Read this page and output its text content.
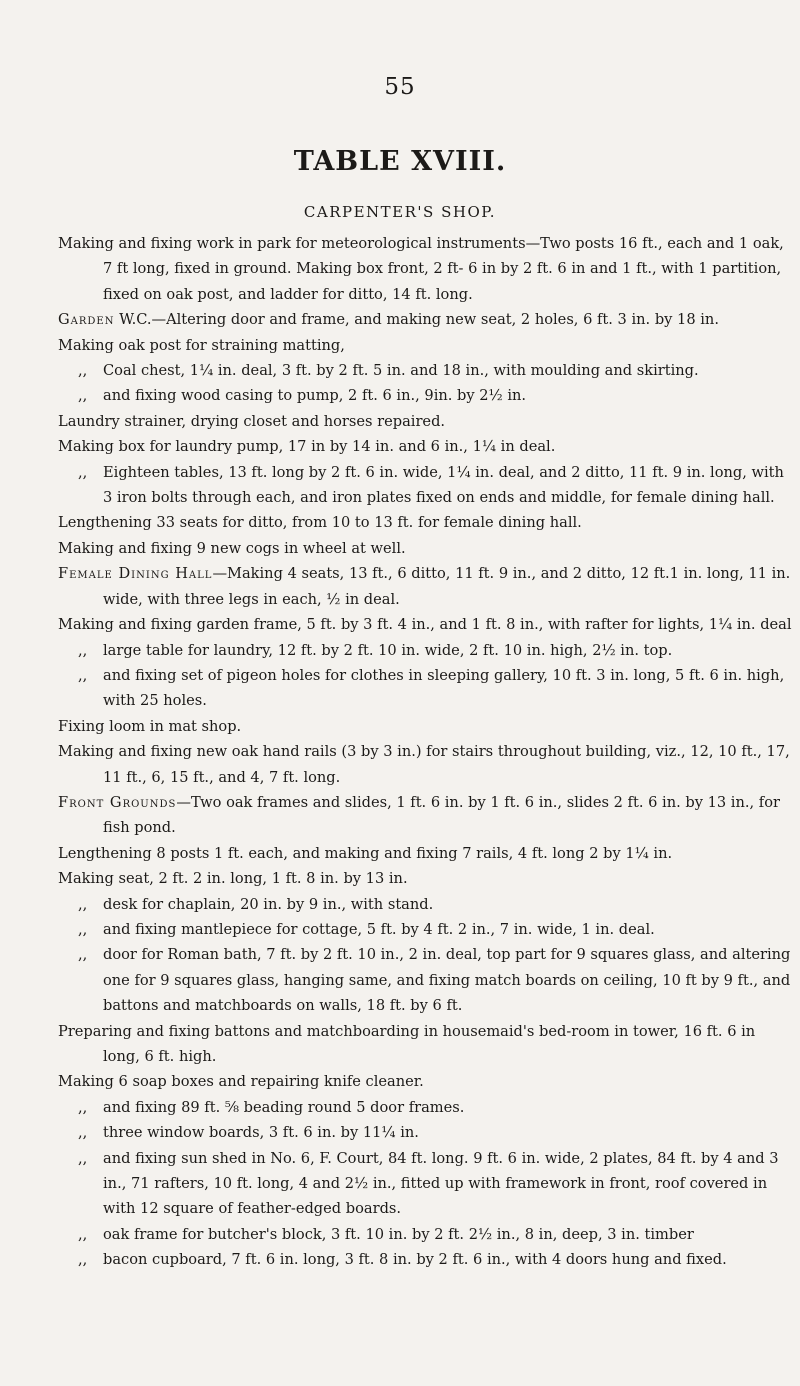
55
TABLE XVIII.
CARPENTER'S SHOP.
Making and fixing work in park for meteorological instruments—Two posts 16 ft., each and 1 oak, 7 ft long, fixed in ground. Making box front, 2 ft- 6 in by 2 ft. 6 in and 1 ft., with 1 partition, fixed on oak post, and ladder for ditto, 14 ft. long.
Garden W.C.—Altering door and frame, and making new seat, 2 holes, 6 ft. 3 in. by 18 in.
Making oak post for straining matting,
,, Coal chest, 1¼ in. deal, 3 ft. by 2 ft. 5 in. and 18 in., with moulding and skirting.
,, and fixing wood casing to pump, 2 ft. 6 in., 9in. by 2½ in.
Laundry strainer, drying closet and horses repaired.
Making box for laundry pump, 17 in by 14 in. and 6 in., 1¼ in deal.
,, Eighteen tables, 13 ft. long by 2 ft. 6 in. wide, 1¼ in. deal, and 2 ditto, 11 ft. 9 in. long, with 3 iron bolts through each, and iron plates fixed on ends and middle, for female dining hall.
Lengthening 33 seats for ditto, from 10 to 13 ft. for female dining hall.
Making and fixing 9 new cogs in wheel at well.
Female Dining Hall—Making 4 seats, 13 ft., 6 ditto, 11 ft. 9 in., and 2 ditto, 12 ft.1 in. long, 11 in. wide, with three legs in each, ½ in deal.
Making and fixing garden frame, 5 ft. by 3 ft. 4 in., and 1 ft. 8 in., with rafter for lights, 1¼ in. deal
,, large table for laundry, 12 ft. by 2 ft. 10 in. wide, 2 ft. 10 in. high, 2½ in. top.
,, and fixing set of pigeon holes for clothes in sleeping gallery, 10 ft. 3 in. long, 5 ft. 6 in. high, with 25 holes.
Fixing loom in mat shop.
Making and fixing new oak hand rails (3 by 3 in.) for stairs throughout building, viz., 12, 10 ft., 17, 11 ft., 6, 15 ft., and 4, 7 ft. long.
Front Grounds—Two oak frames and slides, 1 ft. 6 in. by 1 ft. 6 in., slides 2 ft. 6 in. by 13 in., for fish pond.
Lengthening 8 posts 1 ft. each, and making and fixing 7 rails, 4 ft. long 2 by 1¼ in.
Making seat, 2 ft. 2 in. long, 1 ft. 8 in. by 13 in.
,, desk for chaplain, 20 in. by 9 in., with stand.
,, and fixing mantlepiece for cottage, 5 ft. by 4 ft. 2 in., 7 in. wide, 1 in. deal.
,, door for Roman bath, 7 ft. by 2 ft. 10 in., 2 in. deal, top part for 9 squares glass, and altering one for 9 squares glass, hanging same, and fixing match boards on ceiling, 10 ft by 9 ft., and battons and matchboards on walls, 18 ft. by 6 ft.
Preparing and fixing battons and matchboarding in housemaid's bed-room in tower, 16 ft. 6 in long, 6 ft. high.
Making 6 soap boxes and repairing knife cleaner.
,, and fixing 89 ft. ⅝ beading round 5 door frames.
,, three window boards, 3 ft. 6 in. by 11¼ in.
,, and fixing sun shed in No. 6, F. Court, 84 ft. long. 9 ft. 6 in. wide, 2 plates, 84 ft. by 4 and 3 in., 71 rafters, 10 ft. long, 4 and 2½ in., fitted up with framework in front, roof covered in with 12 square of feather-edged boards.
,, oak frame for butcher's block, 3 ft. 10 in. by 2 ft. 2½ in., 8 in, deep, 3 in. timber
,, bacon cupboard, 7 ft. 6 in. long, 3 ft. 8 in. by 2 ft. 6 in., with 4 doors hung and fixed.
